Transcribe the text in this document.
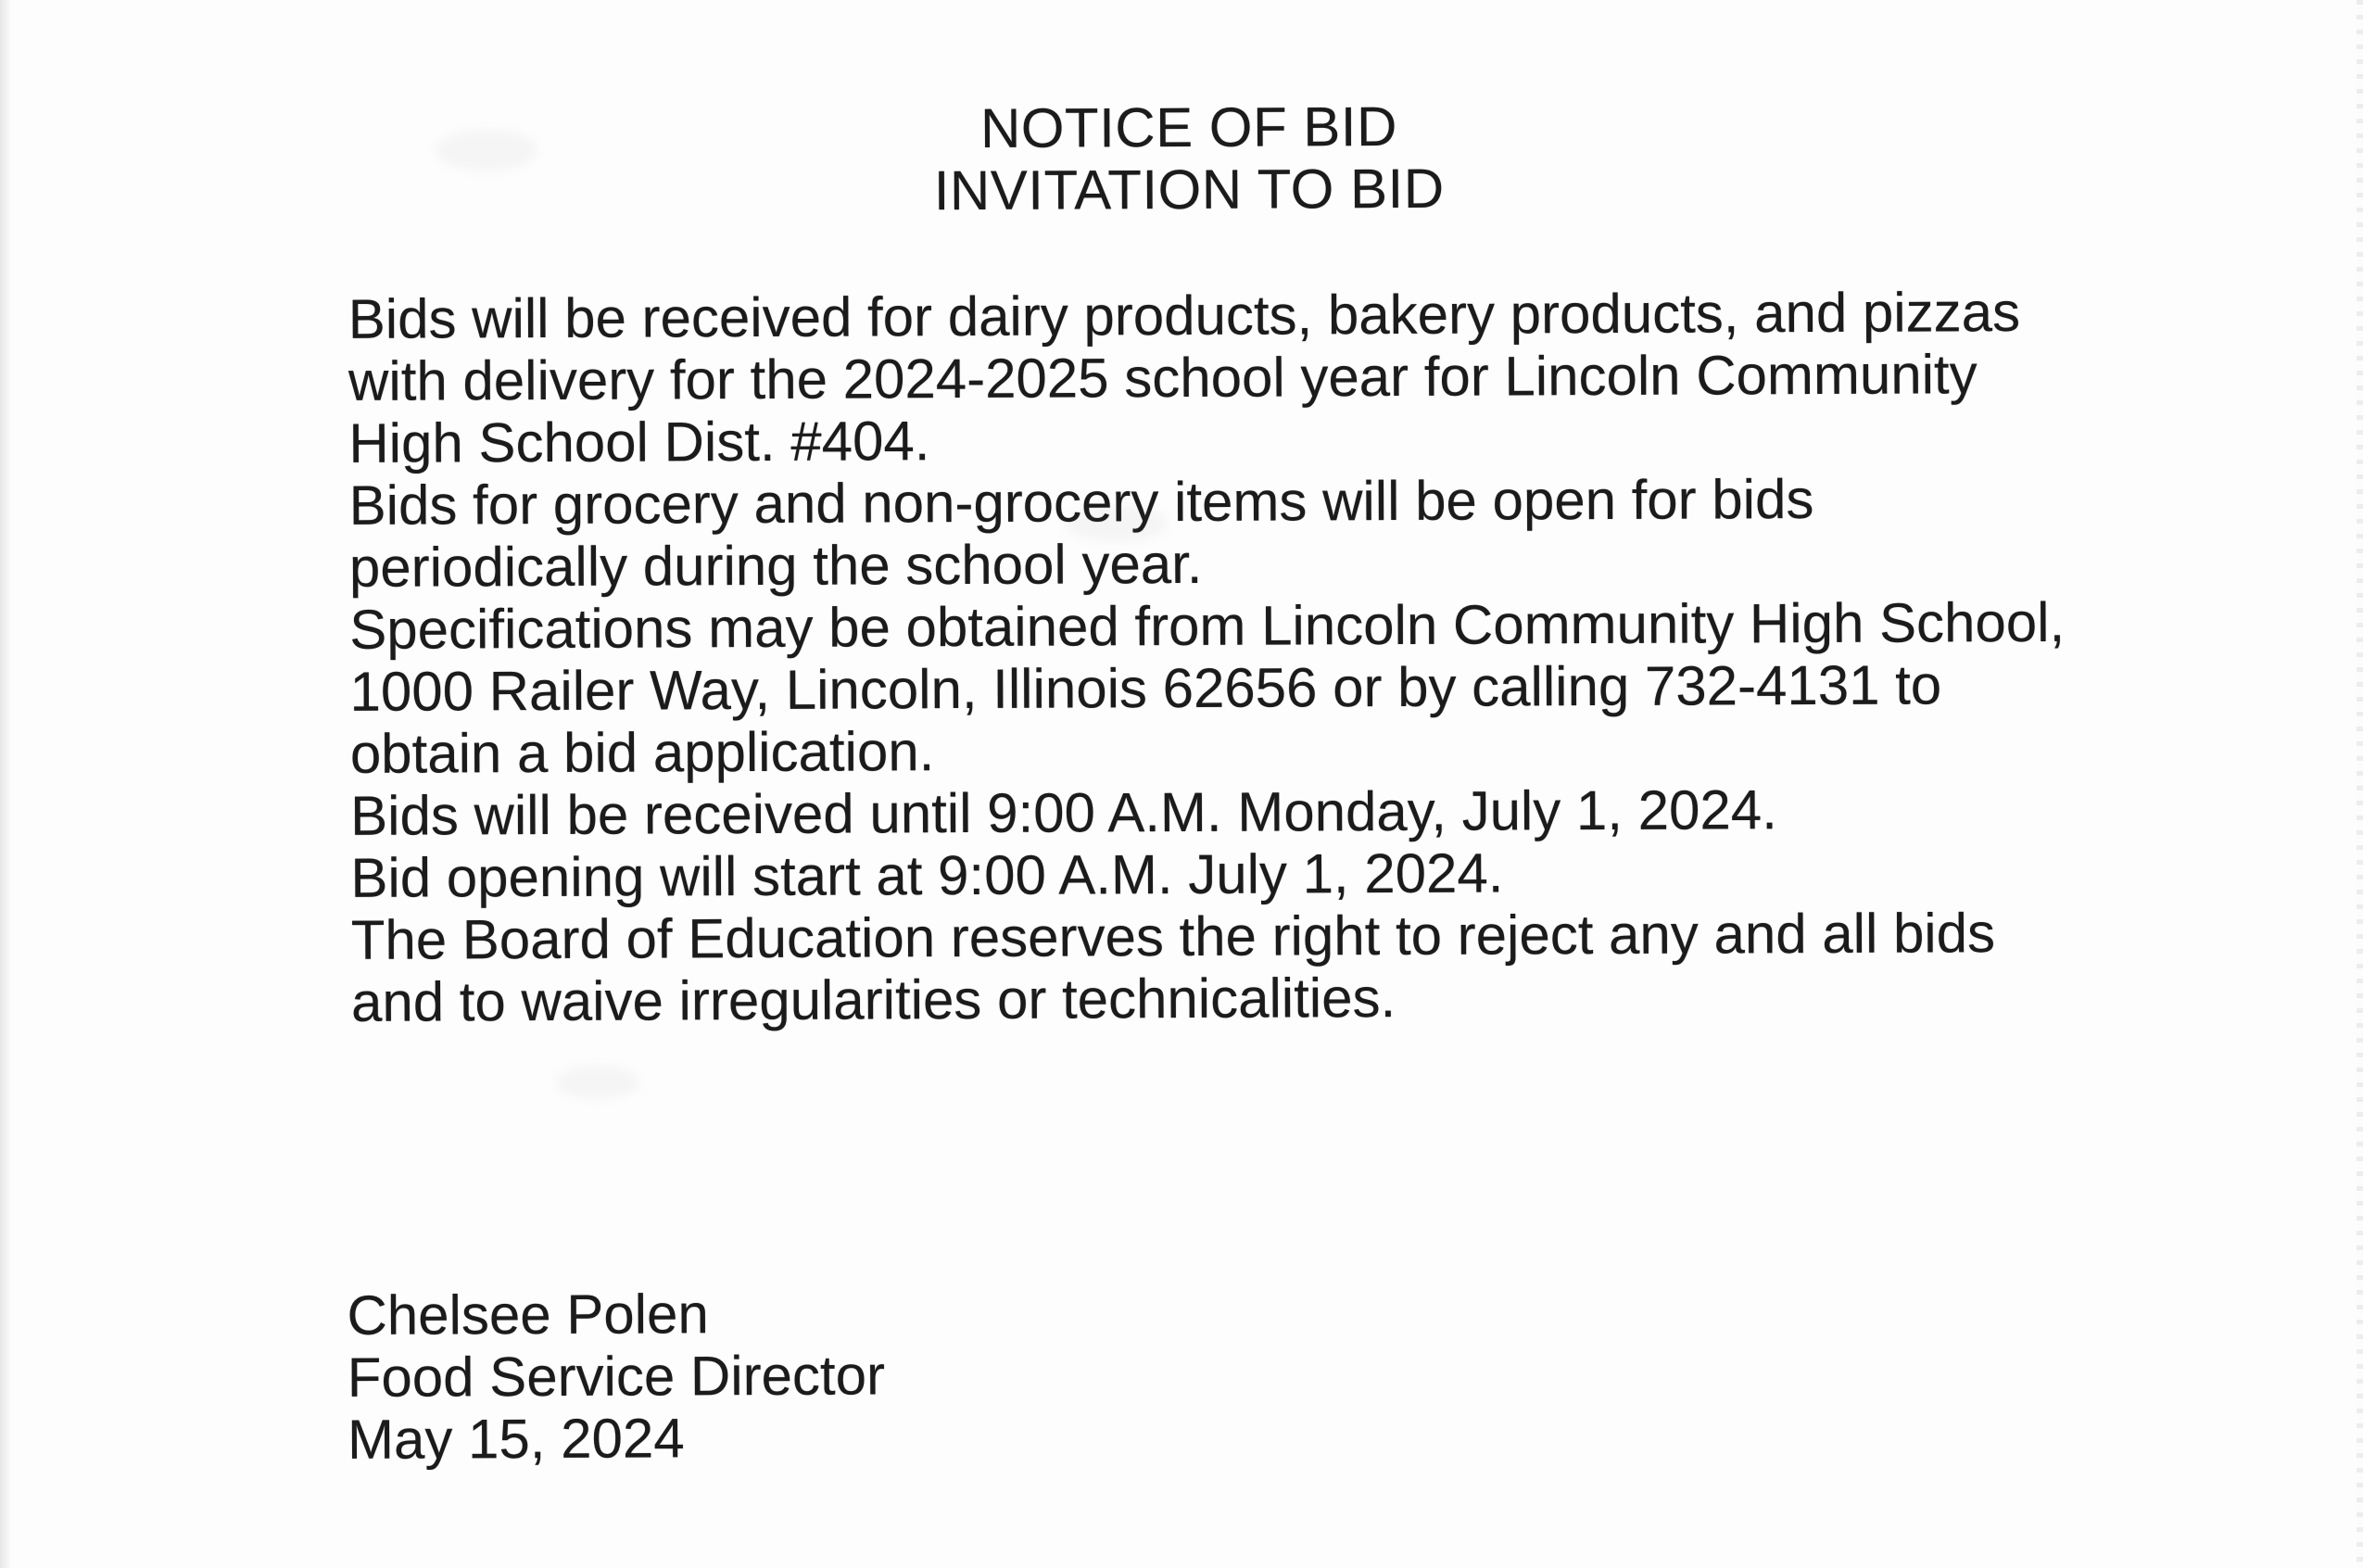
NOTICE OF BID
INVITATION TO BID
Bids will be received for dairy products, bakery products, and pizzas
with delivery for the 2024-2025 school year for Lincoln Community
High School Dist. #404.
Bids for grocery and non-grocery items will be open for bids
periodically during the school year.
Specifications may be obtained from Lincoln Community High School,
1000 Railer Way, Lincoln, Illinois 62656 or by calling 732-4131 to
obtain a bid application.
Bids will be received until 9:00 A.M. Monday, July 1, 2024.
Bid opening will start at 9:00 A.M. July 1, 2024.
The Board of Education reserves the right to reject any and all bids
and to waive irregularities or technicalities.
Chelsee Polen
Food Service Director
May 15, 2024
